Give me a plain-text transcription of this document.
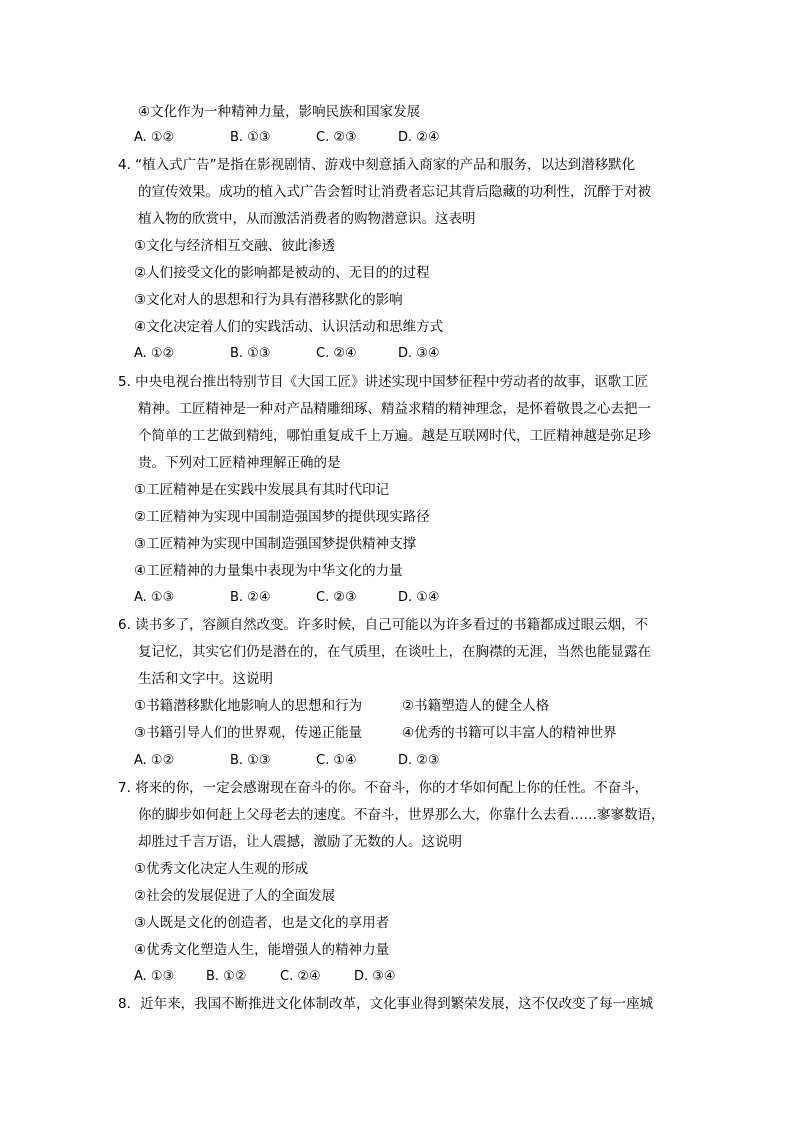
④文化作为一种精神力量，影响民族和国家发展
A. ①②	B. ①③	C. ②③	D. ②④
4. “植入式广告”是指在影视剧情、游戏中刻意插入商家的产品和服务，以达到潜移默化
的宣传效果。成功的植入式广告会暂时让消费者忘记其背后隐藏的功利性，沉醉于对被
植入物的欣赏中，从而激活消费者的购物潜意识。这表明
①文化与经济相互交融、彼此渗透
②人们接受文化的影响都是被动的、无目的的过程
③文化对人的思想和行为具有潜移默化的影响
④文化决定着人们的实践活动、认识活动和思维方式
A. ①②	B. ①③	C. ②④	D. ③④
5. 中央电视台推出特别节目《大国工匠》讲述实现中国梦征程中劳动者的故事，讴歌工匠
精神。工匠精神是一种对产品精雕细琢、精益求精的精神理念，是怀着敬畏之心去把一
个简单的工艺做到精纯，哪怕重复成千上万遍。越是互联网时代，工匠精神越是弥足珍
贵。下列对工匠精神理解正确的是
①工匠精神是在实践中发展具有其时代印记
②工匠精神为实现中国制造强国梦的提供现实路径
③工匠精神为实现中国制造强国梦提供精神支撑
④工匠精神的力量集中表现为中华文化的力量
A. ①③	B. ②④	C. ②③	D. ①④
6. 读书多了，容颜自然改变。许多时候，自己可能以为许多看过的书籍都成过眼云烟，不
复记忆，其实它们仍是潜在的，在气质里，在谈吐上，在胸襟的无涯，当然也能显露在
生活和文字中。这说明
①书籍潜移默化地影响人的思想和行为	②书籍塑造人的健全人格
③书籍引导人们的世界观，传递正能量	④优秀的书籍可以丰富人的精神世界
A. ①②	B. ①③	C. ①④	D. ②③
7. 将来的你，一定会感谢现在奋斗的你。不奋斗，你的才华如何配上你的任性。不奋斗，
你的脚步如何赶上父母老去的速度。不奋斗，世界那么大，你靠什么去看……寥寥数语，
却胜过千言万语，让人震撼，激励了无数的人。这说明
①优秀文化决定人生观的形成
②社会的发展促进了人的全面发展
③人既是文化的创造者，也是文化的享用者
④优秀文化塑造人生，能增强人的精神力量
A. ①③ B. ①②	C. ②④	D. ③④
8．近年来，我国不断推进文化体制改革，文化事业得到繁荣发展，这不仅改变了每一座城
